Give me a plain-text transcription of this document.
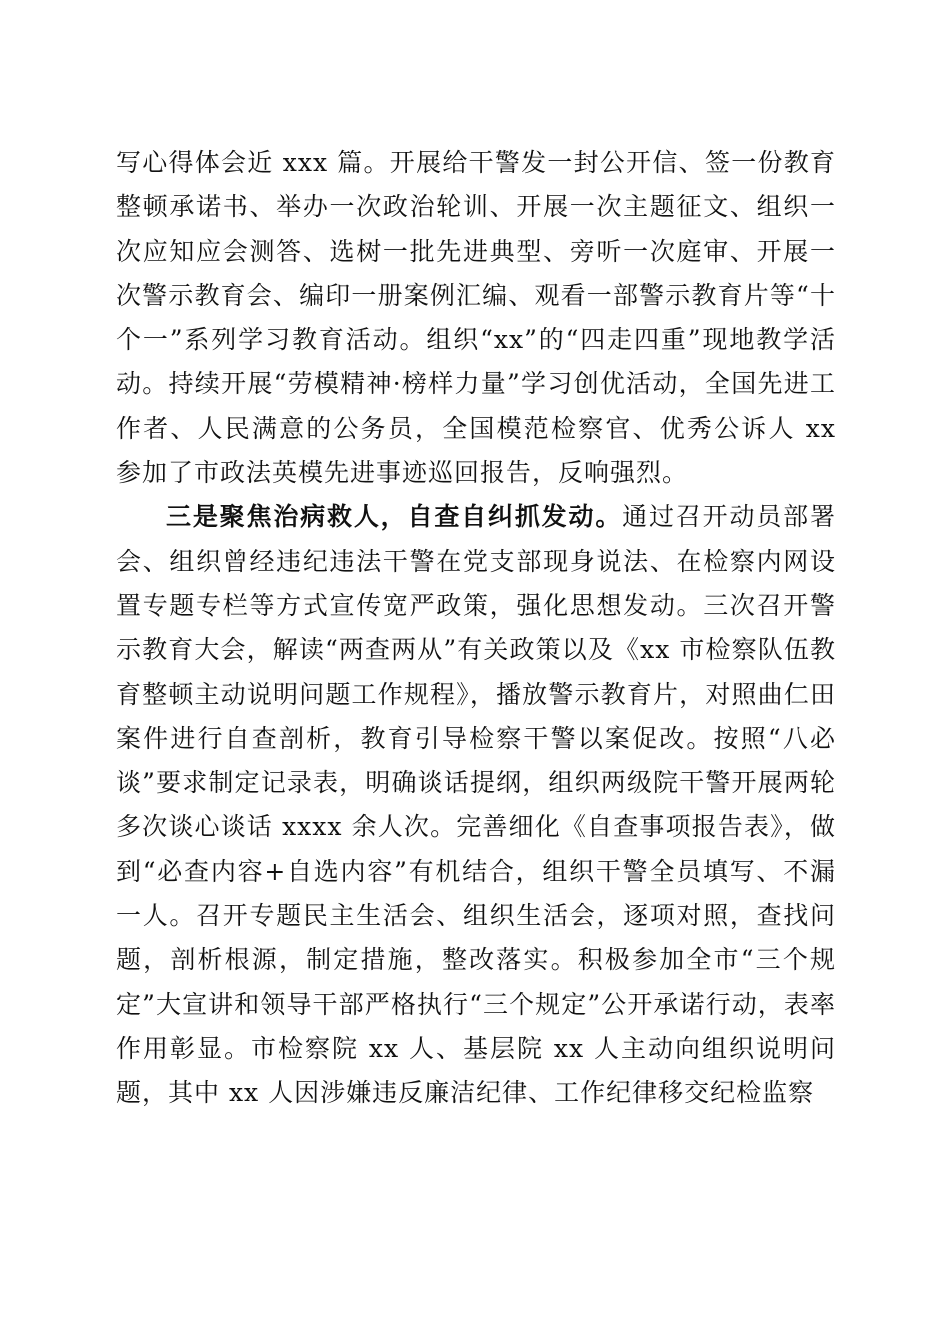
写心得体会近 xxx 篇。开展给干警发一封公开信、签一份教育整顿承诺书、举办一次政治轮训、开展一次主题征文、组织一次应知应会测答、选树一批先进典型、旁听一次庭审、开展一次警示教育会、编印一册案例汇编、观看一部警示教育片等“十个一”系列学习教育活动。组织“xx”的“四走四重”现地教学活动。持续开展“劳模精神·榜样力量”学习创优活动，全国先进工作者、人民满意的公务员，全国模范检察官、优秀公诉人 xx 参加了市政法英模先进事迹巡回报告，反响强烈。

三是聚焦治病救人，自查自纠抓发动。通过召开动员部署会、组织曾经违纪违法干警在党支部现身说法、在检察内网设置专题专栏等方式宣传宽严政策，强化思想发动。三次召开警示教育大会，解读“两查两从”有关政策以及《xx 市检察队伍教育整顿主动说明问题工作规程》，播放警示教育片，对照曲仁田案件进行自查剖析，教育引导检察干警以案促改。按照“八必谈”要求制定记录表，明确谈话提纲，组织两级院干警开展两轮多次谈心谈话 xxxx 余人次。完善细化《自查事项报告表》，做到“必查内容+自选内容”有机结合，组织干警全员填写、不漏一人。召开专题民主生活会、组织生活会，逐项对照，查找问题，剖析根源，制定措施，整改落实。积极参加全市“三个规定”大宣讲和领导干部严格执行“三个规定”公开承诺行动，表率作用彰显。市检察院 xx 人、基层院 xx 人主动向组织说明问题，其中 xx 人因涉嫌违反廉洁纪律、工作纪律移交纪检监察
